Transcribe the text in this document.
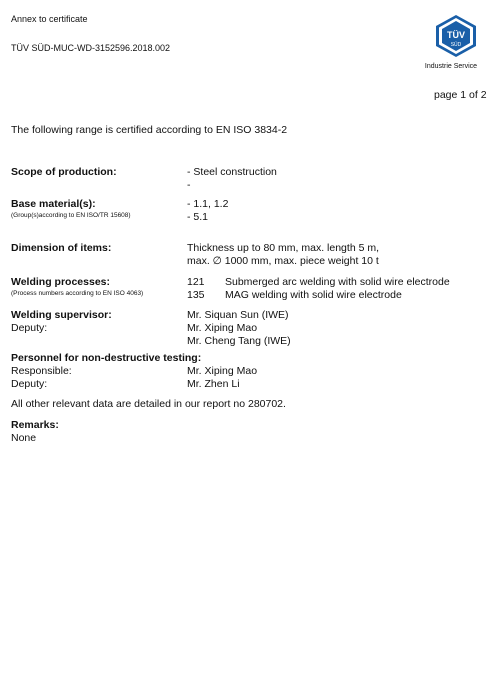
Annex to certificate
TÜV SÜD-MUC-WD-3152596.2018.002
TÜV
SÜD
Industrie Service
page 1 of 2
The following range is certified according to EN ISO 3834-2
Scope of production:	- Steel construction
-
Base material(s):
(Group(s)according to EN ISO/TR 15608)
- 1.1, 1.2
- 5.1
Dimension of items:	Thickness up to 80 mm, max. length 5 m,
max. ∅ 1000 mm, max. piece weight 10 t
Welding processes:
(Process numbers according to EN ISO 4063)
121 Submerged arc welding with solid wire electrode
135 MAG welding with solid wire electrode
Welding supervisor:
Deputy:
Mr. Siquan Sun (IWE)
Mr. Xiping Mao
Mr. Cheng Tang (IWE)
Personnel for non-destructive testing:
Responsible:
Deputy:
Mr. Xiping Mao
Mr. Zhen Li
All other relevant data are detailed in our report no 280702.
Remarks:
None
